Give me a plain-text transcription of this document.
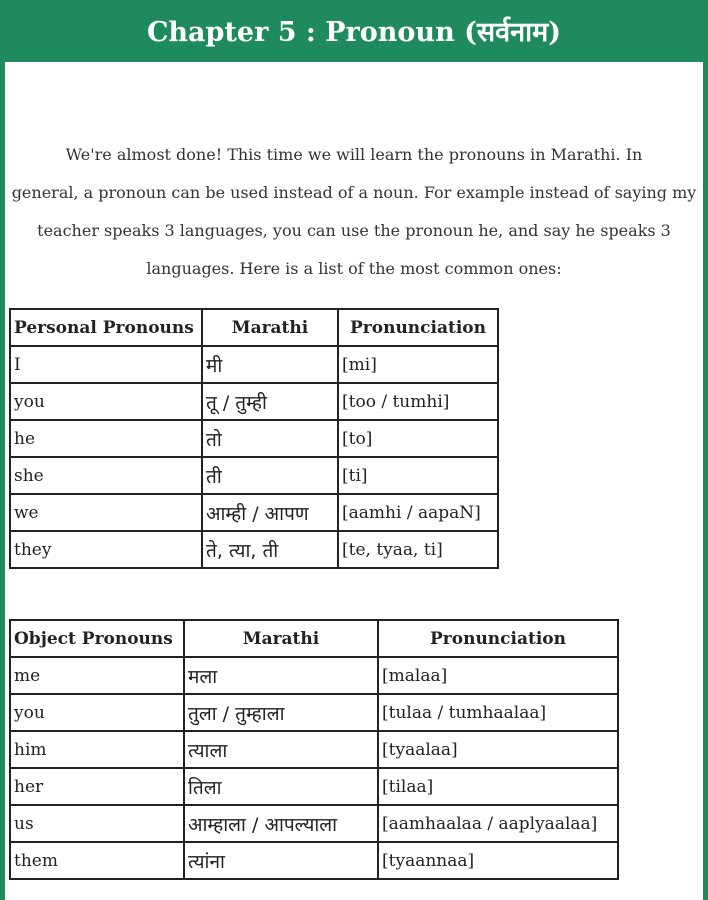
Chapter 5 : Pronoun (सर्वनाम)
We're almost done! This time we will learn the pronouns in Marathi. In
general, a pronoun can be used instead of a noun. For example instead of saying my
teacher speaks 3 languages, you can use the pronoun he, and say he speaks 3
languages. Here is a list of the most common ones:
Personal Pronouns	Marathi	Pronunciation
I	मी	[mi]
you	तू / तुम्ही	[too / tumhi]
he	तो	[to]
she	ती	[ti]
we	आम्ही / आपण	[aamhi / aapaN]
they	ते, त्या, ती	[te, tyaa, ti]
Object Pronouns	Marathi	Pronunciation
me	मला	[malaa]
you	तुला / तुम्हाला	[tulaa / tumhaalaa]
him	त्याला	[tyaalaa]
her	तिला	[tilaa]
us	आम्हाला / आपल्याला	[aamhaalaa / aaplyaalaa]
them	त्यांना	[tyaannaa]
